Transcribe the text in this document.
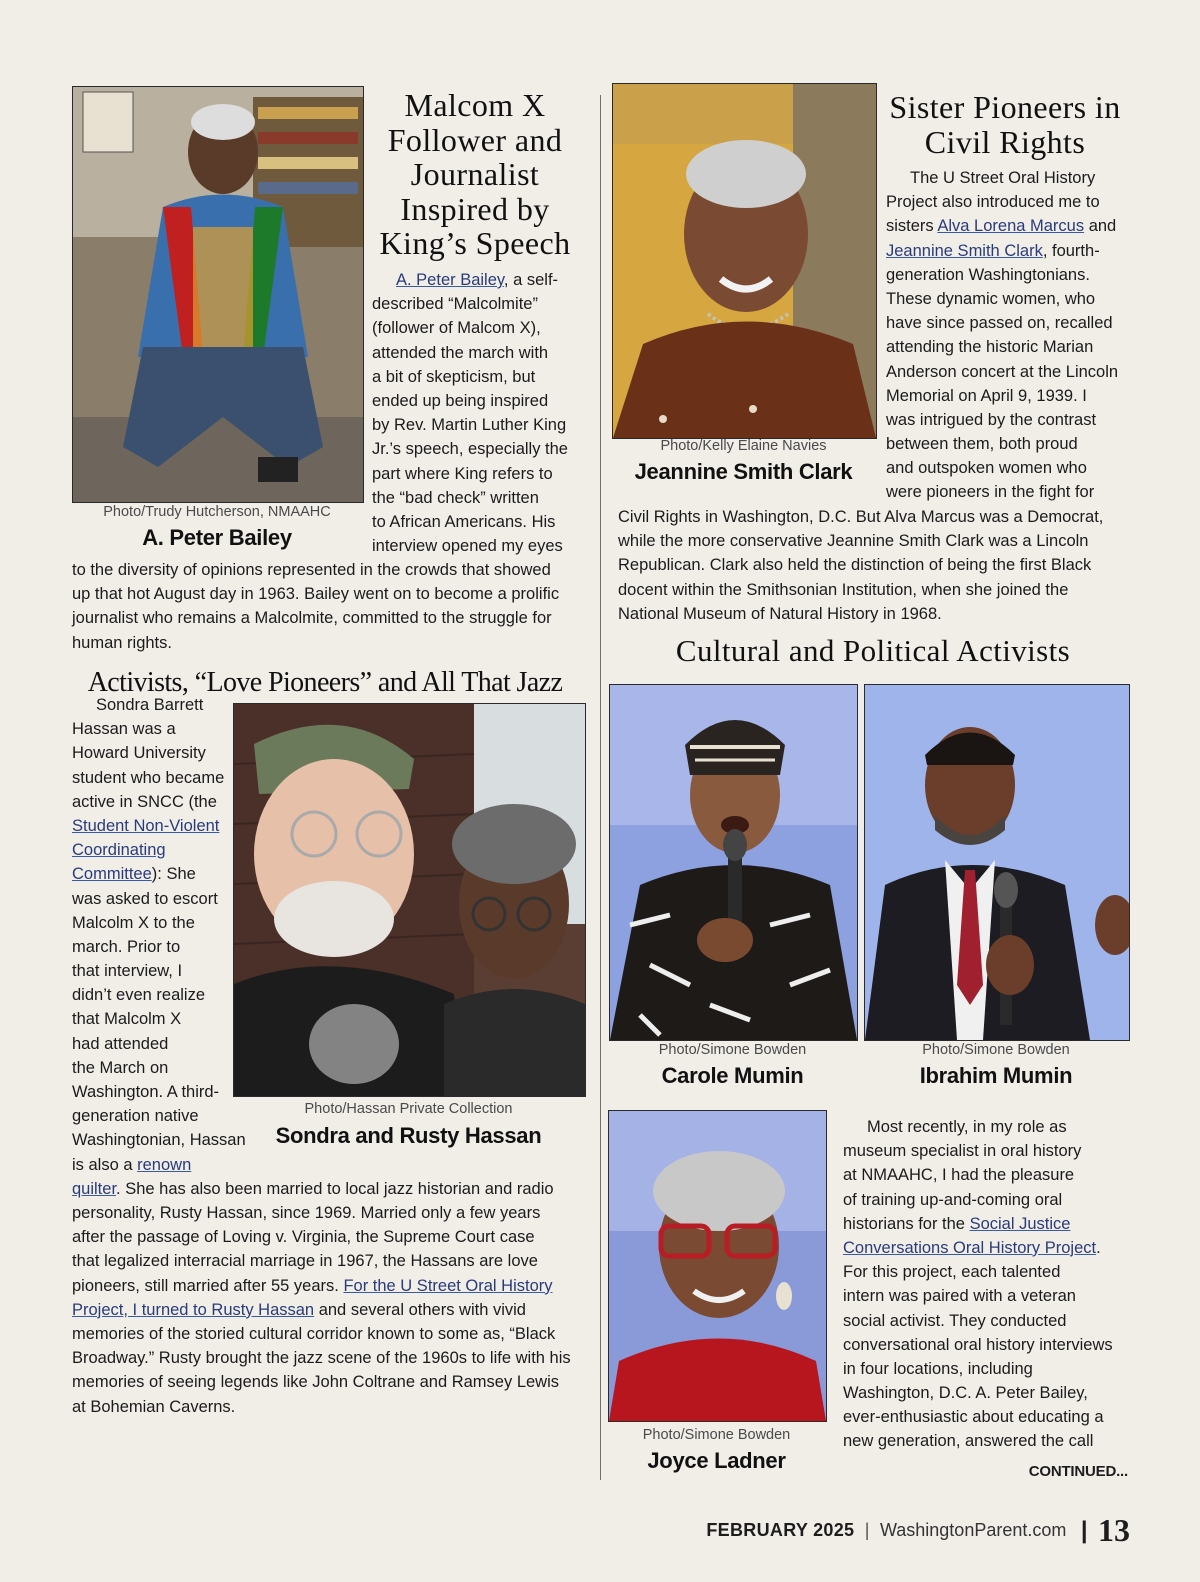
Photo/Trudy Hutcherson, NMAAHC
A. Peter Bailey
Malcom X
Follower and
Journalist
Inspired by
King’s Speech
A. Peter Bailey, a self-
described “Malcolmite”
(follower of Malcom X),
attended the march with
a bit of skepticism, but
ended up being inspired
by Rev. Martin Luther King
Jr.’s speech, especially the
part where King refers to
the “bad check” written
to African Americans. His
interview opened my eyes
to the diversity of opinions represented in the crowds that showed
up that hot August day in 1963. Bailey went on to become a prolific
journalist who remains a Malcolmite, committed to the struggle for
human rights.
Activists, “Love Pioneers” and All That Jazz
Photo/Hassan Private Collection
Sondra and Rusty Hassan
Sondra Barrett
Hassan was a
Howard University
student who became
active in SNCC (the
Student Non-Violent
Coordinating
Committee): She
was asked to escort
Malcolm X to the
march. Prior to
that interview, I
didn’t even realize
that Malcolm X
had attended
the March on
Washington. A third-
generation native
Washingtonian, Hassan
is also a renown
quilter. She has also been married to local jazz historian and radio
personality, Rusty Hassan, since 1969. Married only a few years
after the passage of Loving v. Virginia, the Supreme Court case
that legalized interracial marriage in 1967, the Hassans are love
pioneers, still married after 55 years. For the U Street Oral History
Project, I turned to Rusty Hassan and several others with vivid
memories of the storied cultural corridor known to some as, “Black
Broadway.” Rusty brought the jazz scene of the 1960s to life with his
memories of seeing legends like John Coltrane and Ramsey Lewis
at Bohemian Caverns.
Photo/Kelly Elaine Navies
Jeannine Smith Clark
Sister Pioneers in
Civil Rights
The U Street Oral History
Project also introduced me to
sisters Alva Lorena Marcus and
Jeannine Smith Clark, fourth-
generation Washingtonians.
These dynamic women, who
have since passed on, recalled
attending the historic Marian
Anderson concert at the Lincoln
Memorial on April 9, 1939. I
was intrigued by the contrast
between them, both proud
and outspoken women who
were pioneers in the fight for
Civil Rights in Washington, D.C. But Alva Marcus was a Democrat,
while the more conservative Jeannine Smith Clark was a Lincoln
Republican. Clark also held the distinction of being the first Black
docent within the Smithsonian Institution, when she joined the
National Museum of Natural History in 1968.
Cultural and Political Activists
Photo/Simone Bowden
Carole Mumin
Photo/Simone Bowden
Ibrahim Mumin
Photo/Simone Bowden
Joyce Ladner
Most recently, in my role as
museum specialist in oral history
at NMAAHC, I had the pleasure
of training up-and-coming oral
historians for the Social Justice
Conversations Oral History Project.
For this project, each talented
intern was paired with a veteran
social activist. They conducted
conversational oral history interviews
in four locations, including
Washington, D.C. A. Peter Bailey,
ever-enthusiastic about educating a
new generation, answered the call
CONTINUED...
FEBRUARY 2025 | WashingtonParent.com | 13
